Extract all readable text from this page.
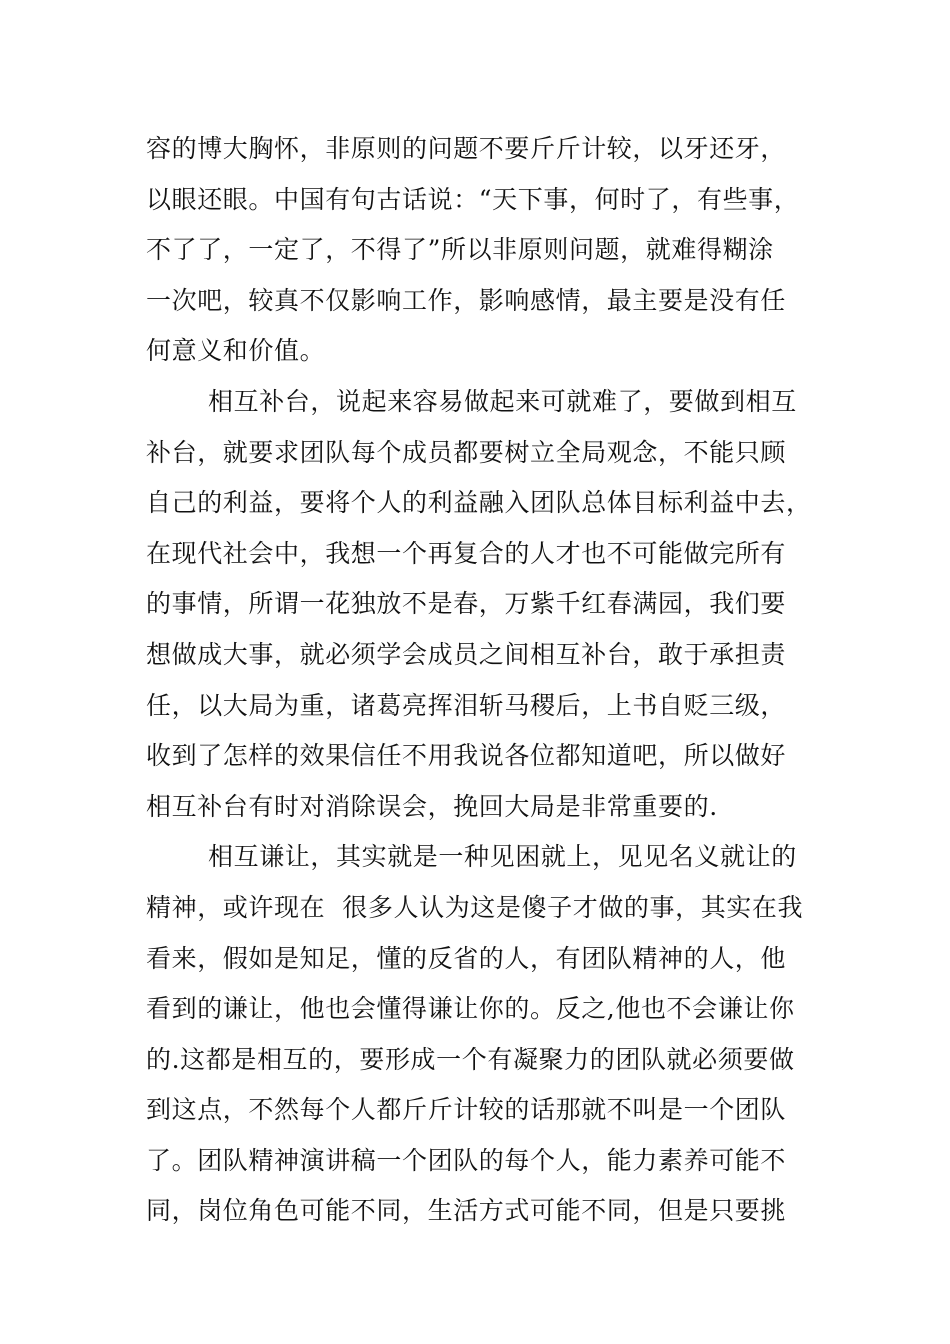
容的博大胸怀，非原则的问题不要斤斤计较，以牙还牙，
以眼还眼。中国有句古话说：“天下事，何时了，有些事，
不了了，一定了，不得了”所以非原则问题，就难得糊涂
一次吧，较真不仅影响工作，影响感情，最主要是没有任
何意义和价值。
相互补台，说起来容易做起来可就难了，要做到相互
补台，就要求团队每个成员都要树立全局观念，不能只顾
自己的利益，要将个人的利益融入团队总体目标利益中去，
在现代社会中，我想一个再复合的人才也不可能做完所有
的事情，所谓一花独放不是春，万紫千红春满园，我们要
想做成大事，就必须学会成员之间相互补台，敢于承担责
任，以大局为重，诸葛亮挥泪斩马稷后，上书自贬三级，
收到了怎样的效果信任不用我说各位都知道吧，所以做好
相互补台有时对消除误会，挽回大局是非常重要的.
相互谦让，其实就是一种见困就上，见见名义就让的
精神，或许现在  很多人认为这是傻子才做的事，其实在我
看来，假如是知足，懂的反省的人，有团队精神的人，他
看到的谦让，他也会懂得谦让你的。反之,他也不会谦让你
的.这都是相互的，要形成一个有凝聚力的团队就必须要做
到这点，不然每个人都斤斤计较的话那就不叫是一个团队
了。团队精神演讲稿一个团队的每个人，能力素养可能不
同，岗位角色可能不同，生活方式可能不同，但是只要挑
